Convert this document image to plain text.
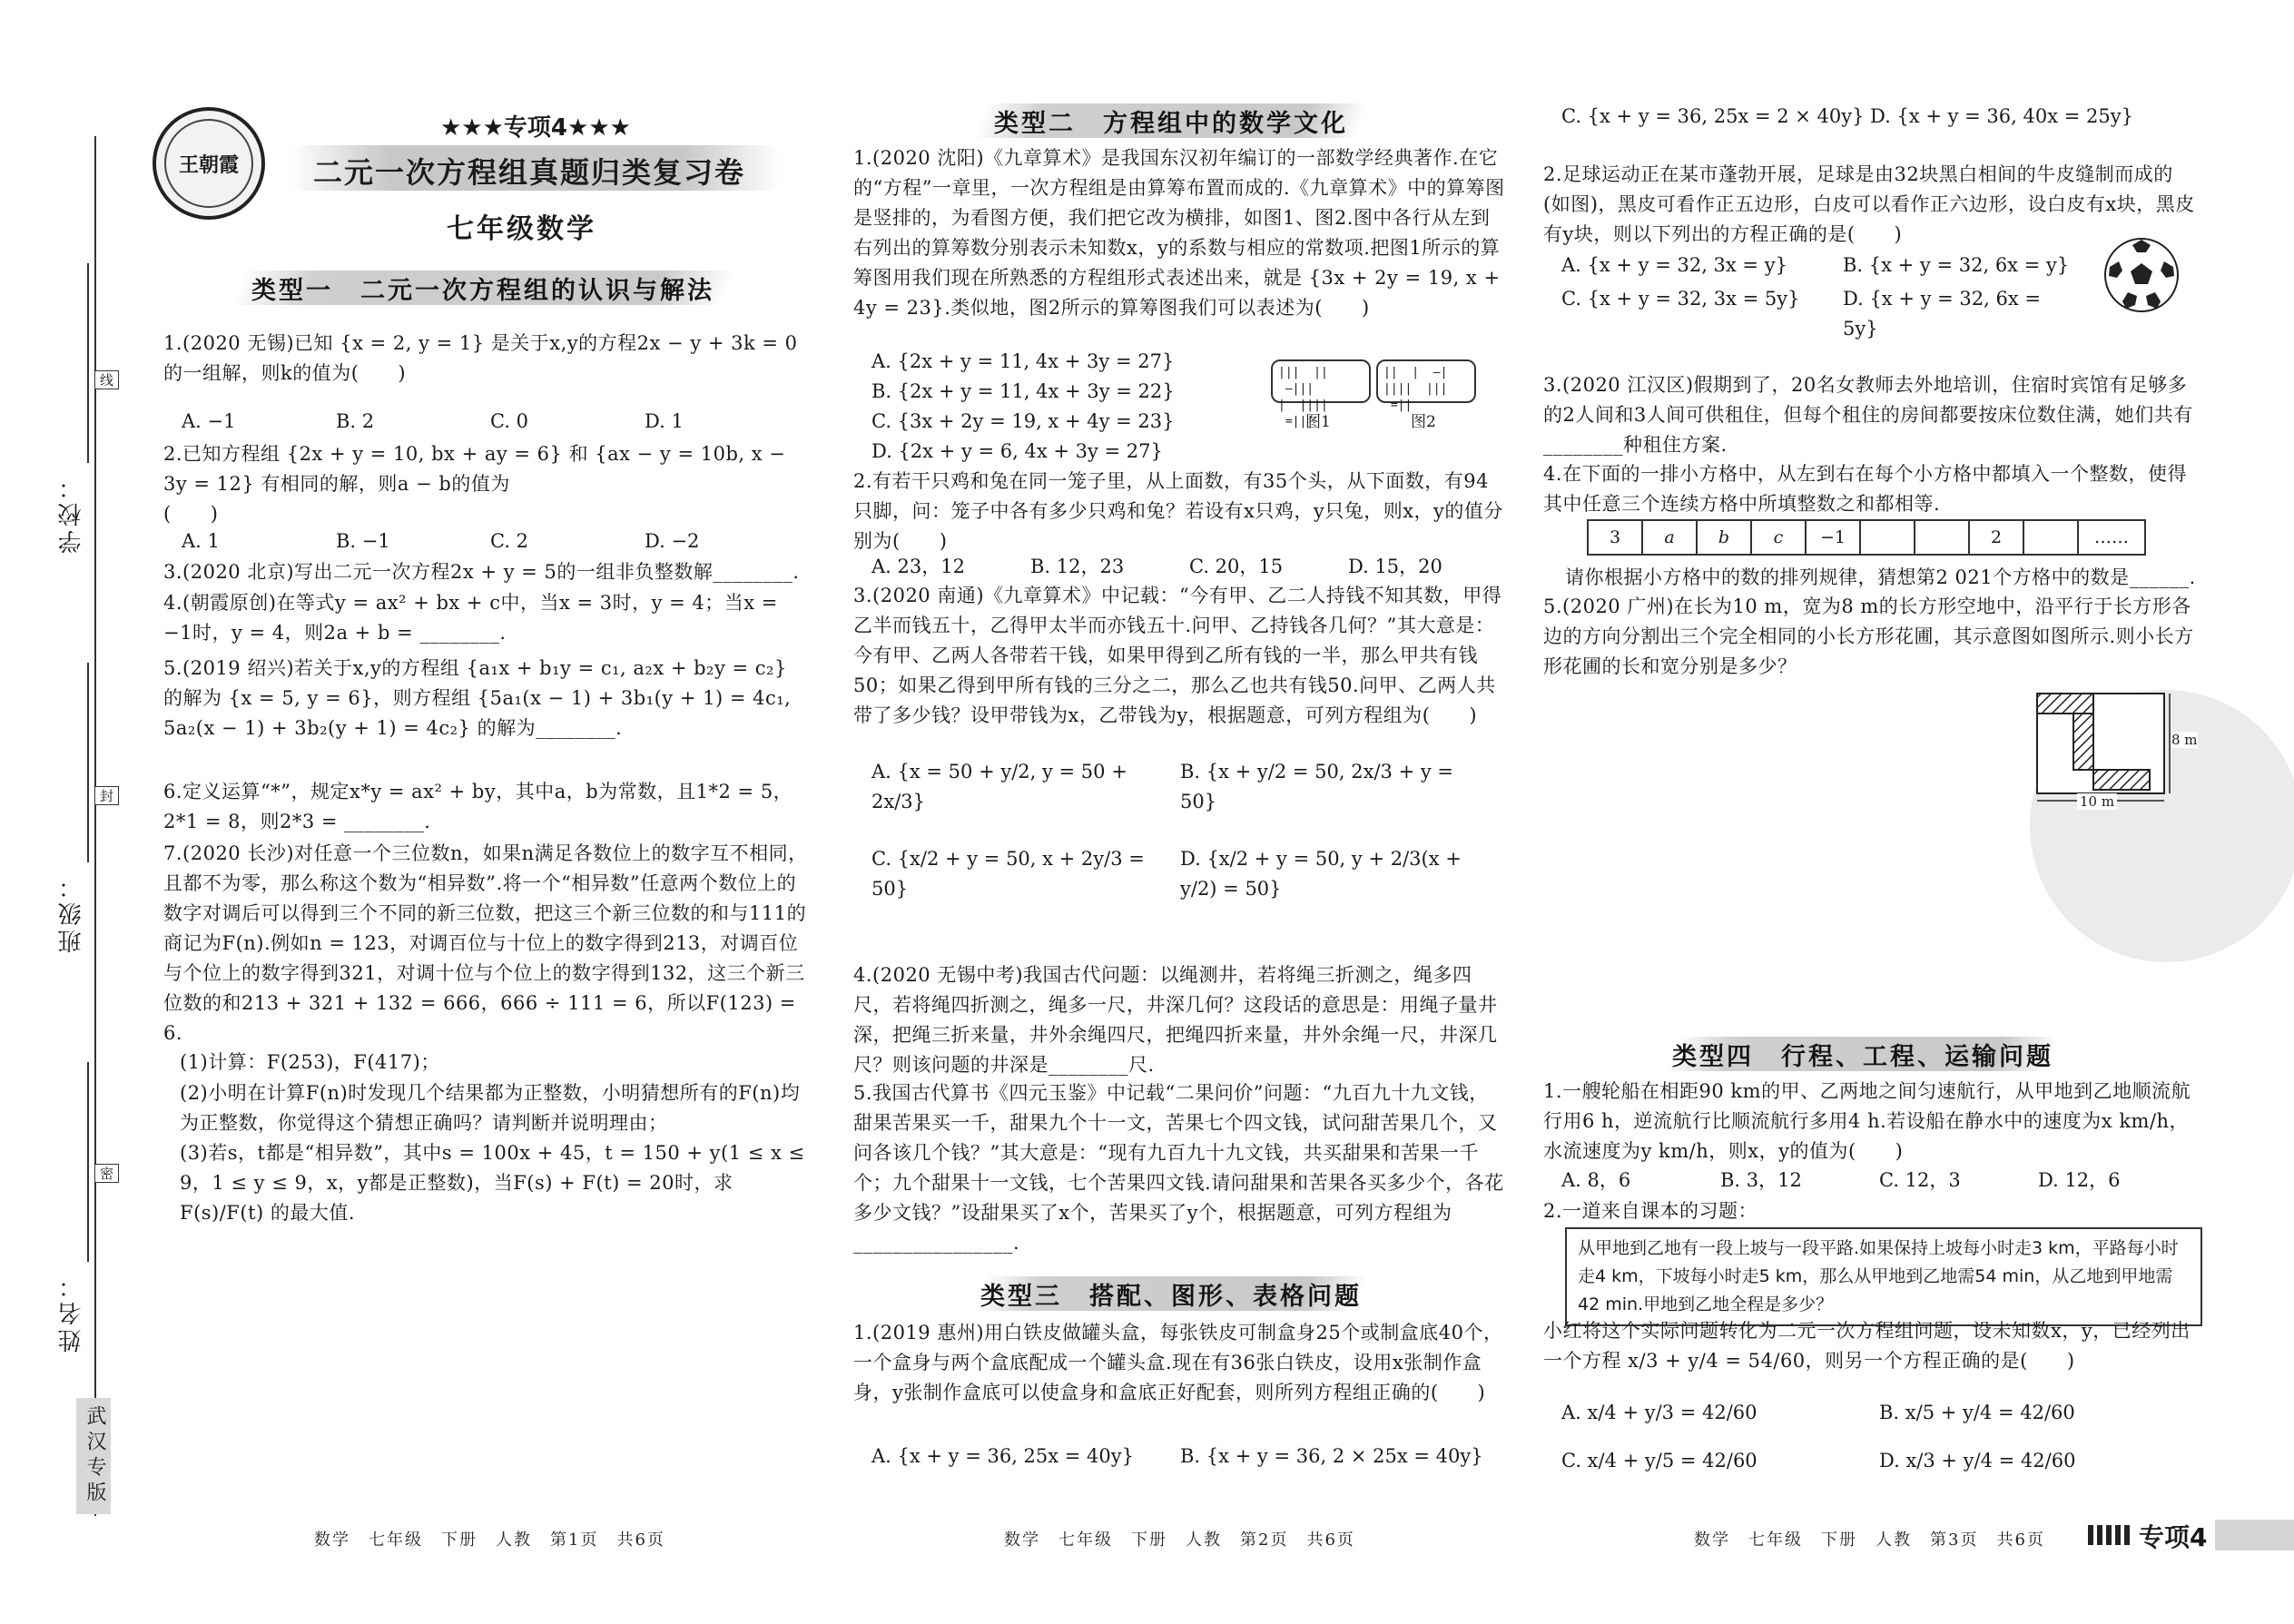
学校：
班级：
姓名：
线
封
密
武汉专版
王朝霞
★★★专项4★★★
二元一次方程组真题归类复习卷
七年级数学
类型一　二元一次方程组的认识与解法

1.(2020 无锡)已知 {x = 2, y = 1} 是关于x,y的方程2x − y + 3k = 0的一组解，则k的值为(　　)

A. −1	B. 2	C. 0	D. 1

2.已知方程组 {2x + y = 10, bx + ay = 6} 和 {ax − y = 10b, x − 3y = 12} 有相同的解，则a − b的值为　　　　　　　　　　　　　　　　　　　(　　)

A. 1	B. −1	C. 2	D. −2

3.(2020 北京)写出二元一次方程2x + y = 5的一组非负整数解________.

4.(朝霞原创)在等式y = ax² + bx + c中，当x = 3时，y = 4；当x = −1时，y = 4，则2a + b = ________.

5.(2019 绍兴)若关于x,y的方程组 {a₁x + b₁y = c₁, a₂x + b₂y = c₂} 的解为 {x = 5, y = 6}，则方程组 {5a₁(x − 1) + 3b₁(y + 1) = 4c₁, 5a₂(x − 1) + 3b₂(y + 1) = 4c₂} 的解为________.

6.定义运算“*”，规定x*y = ax² + by，其中a，b为常数，且1*2 = 5，2*1 = 8，则2*3 = ________.

7.(2020 长沙)对任意一个三位数n，如果n满足各数位上的数字互不相同，且都不为零，那么称这个数为“相异数”.将一个“相异数”任意两个数位上的数字对调后可以得到三个不同的新三位数，把这三个新三位数的和与111的商记为F(n).例如n = 123，对调百位与十位上的数字得到213，对调百位与个位上的数字得到321，对调十位与个位上的数字得到132，这三个新三位数的和213 + 321 + 132 = 666，666 ÷ 111 = 6，所以F(123) = 6.

(1)计算：F(253)，F(417)；

(2)小明在计算F(n)时发现几个结果都为正整数，小明猜想所有的F(n)均为正整数，你觉得这个猜想正确吗？请判断并说明理由；

(3)若s，t都是“相异数”，其中s = 100x + 45，t = 150 + y(1 ≤ x ≤ 9，1 ≤ y ≤ 9，x，y都是正整数)，当F(s) + F(t) = 20时，求 F(s)/F(t) 的最大值.

类型二　方程组中的数学文化

1.(2020 沈阳)《九章算术》是我国东汉初年编订的一部数学经典著作.在它的“方程”一章里，一次方程组是由算筹布置而成的.《九章算术》中的算筹图是竖排的，为看图方便，我们把它改为横排，如图1、图2.图中各行从左到右列出的算筹数分别表示未知数x，y的系数与相应的常数项.把图1所示的算筹图用我们现在所熟悉的方程组形式表述出来，就是 {3x + 2y = 19, x + 4y = 23}.类似地，图2所示的算筹图我们可以表述为(　　)

A. {2x + y = 11, 4x + 3y = 27}
B. {2x + y = 11, 4x + 3y = 22}
C. {3x + 2y = 19, x + 4y = 23}
D. {2x + y = 6, 4x + 3y = 27}
|||  ||  —|||
|  ||||  =|||
||  |  —|
||||  |||  =||
图1	图2

2.有若干只鸡和兔在同一笼子里，从上面数，有35个头，从下面数，有94只脚，问：笼子中各有多少只鸡和兔？若设有x只鸡，y只兔，则x，y的值分别为(　　)

A. 23，12	B. 12，23	C. 20，15	D. 15，20

3.(2020 南通)《九章算术》中记载：“今有甲、乙二人持钱不知其数，甲得乙半而钱五十，乙得甲太半而亦钱五十.问甲、乙持钱各几何？”其大意是：今有甲、乙两人各带若干钱，如果甲得到乙所有钱的一半，那么甲共有钱50；如果乙得到甲所有钱的三分之二，那么乙也共有钱50.问甲、乙两人共带了多少钱？设甲带钱为x，乙带钱为y，根据题意，可列方程组为(　　)

A. {x = 50 + y/2, y = 50 + 2x/3}
B. {x + y/2 = 50, 2x/3 + y = 50}
C. {x/2 + y = 50, x + 2y/3 = 50}
D. {x/2 + y = 50, y + 2/3(x + y/2) = 50}

4.(2020 无锡中考)我国古代问题：以绳测井，若将绳三折测之，绳多四尺，若将绳四折测之，绳多一尺，井深几何？这段话的意思是：用绳子量井深，把绳三折来量，井外余绳四尺，把绳四折来量，井外余绳一尺，井深几尺？则该问题的井深是________尺.

5.我国古代算书《四元玉鉴》中记载“二果问价”问题：“九百九十九文钱，甜果苦果买一千，甜果九个十一文，苦果七个四文钱，试问甜苦果几个，又问各该几个钱？”其大意是：“现有九百九十九文钱，共买甜果和苦果一千个；九个甜果十一文钱，七个苦果四文钱.请问甜果和苦果各买多少个，各花多少文钱？”设甜果买了x个，苦果买了y个，根据题意，可列方程组为________________.

类型三　搭配、图形、表格问题

1.(2019 惠州)用白铁皮做罐头盒，每张铁皮可制盒身25个或制盒底40个，一个盒身与两个盒底配成一个罐头盒.现在有36张白铁皮，设用x张制作盒身，y张制作盒底可以使盒身和盒底正好配套，则所列方程组正确的(　　)

A. {x + y = 36, 25x = 40y}	B. {x + y = 36, 2 × 25x = 40y}
C. {x + y = 36, 25x = 2 × 40y} D. {x + y = 36, 40x = 25y}

2.足球运动正在某市蓬勃开展，足球是由32块黑白相间的牛皮缝制而成的(如图)，黑皮可看作正五边形，白皮可以看作正六边形，设白皮有x块，黑皮有y块，则以下列出的方程正确的是(　　)

A. {x + y = 32, 3x = y}	B. {x + y = 32, 6x = y}
C. {x + y = 32, 3x = 5y}	D. {x + y = 32, 6x = 5y}

3.(2020 江汉区)假期到了，20名女教师去外地培训，住宿时宾馆有足够多的2人间和3人间可供租住，但每个租住的房间都要按床位数住满，她们共有________种租住方案.

4.在下面的一排小方格中，从左到右在每个小方格中都填入一个整数，使得其中任意三个连续方格中所填整数之和都相等.

3	a	b	c	−1			2		……

请你根据小方格中的数的排列规律，猜想第2 021个方格中的数是______.

5.(2020 广州)在长为10 m，宽为8 m的长方形空地中，沿平行于长方形各边的方向分割出三个完全相同的小长方形花圃，其示意图如图所示.则小长方形花圃的长和宽分别是多少？

10 m
8 m
类型四　行程、工程、运输问题

1.一艘轮船在相距90 km的甲、乙两地之间匀速航行，从甲地到乙地顺流航行用6 h，逆流航行比顺流航行多用4 h.若设船在静水中的速度为x km/h，水流速度为y km/h，则x，y的值为(　　)

A. 8，6	B. 3，12	C. 12，3	D. 12，6

2.一道来自课本的习题：

从甲地到乙地有一段上坡与一段平路.如果保持上坡每小时走3 km，平路每小时走4 km，下坡每小时走5 km，那么从甲地到乙地需54 min，从乙地到甲地需42 min.甲地到乙地全程是多少？

小红将这个实际问题转化为二元一次方程组问题，设未知数x，y，已经列出一个方程 x/3 + y/4 = 54/60，则另一个方程正确的是(　　)

A. x/4 + y/3 = 42/60	B. x/5 + y/4 = 42/60
C. x/4 + y/5 = 42/60	D. x/3 + y/4 = 42/60
数学　七年级　下册　人教　第1页　共6页	数学　七年级　下册　人教　第2页　共6页	数学　七年级　下册　人教　第3页　共6页	专项4
